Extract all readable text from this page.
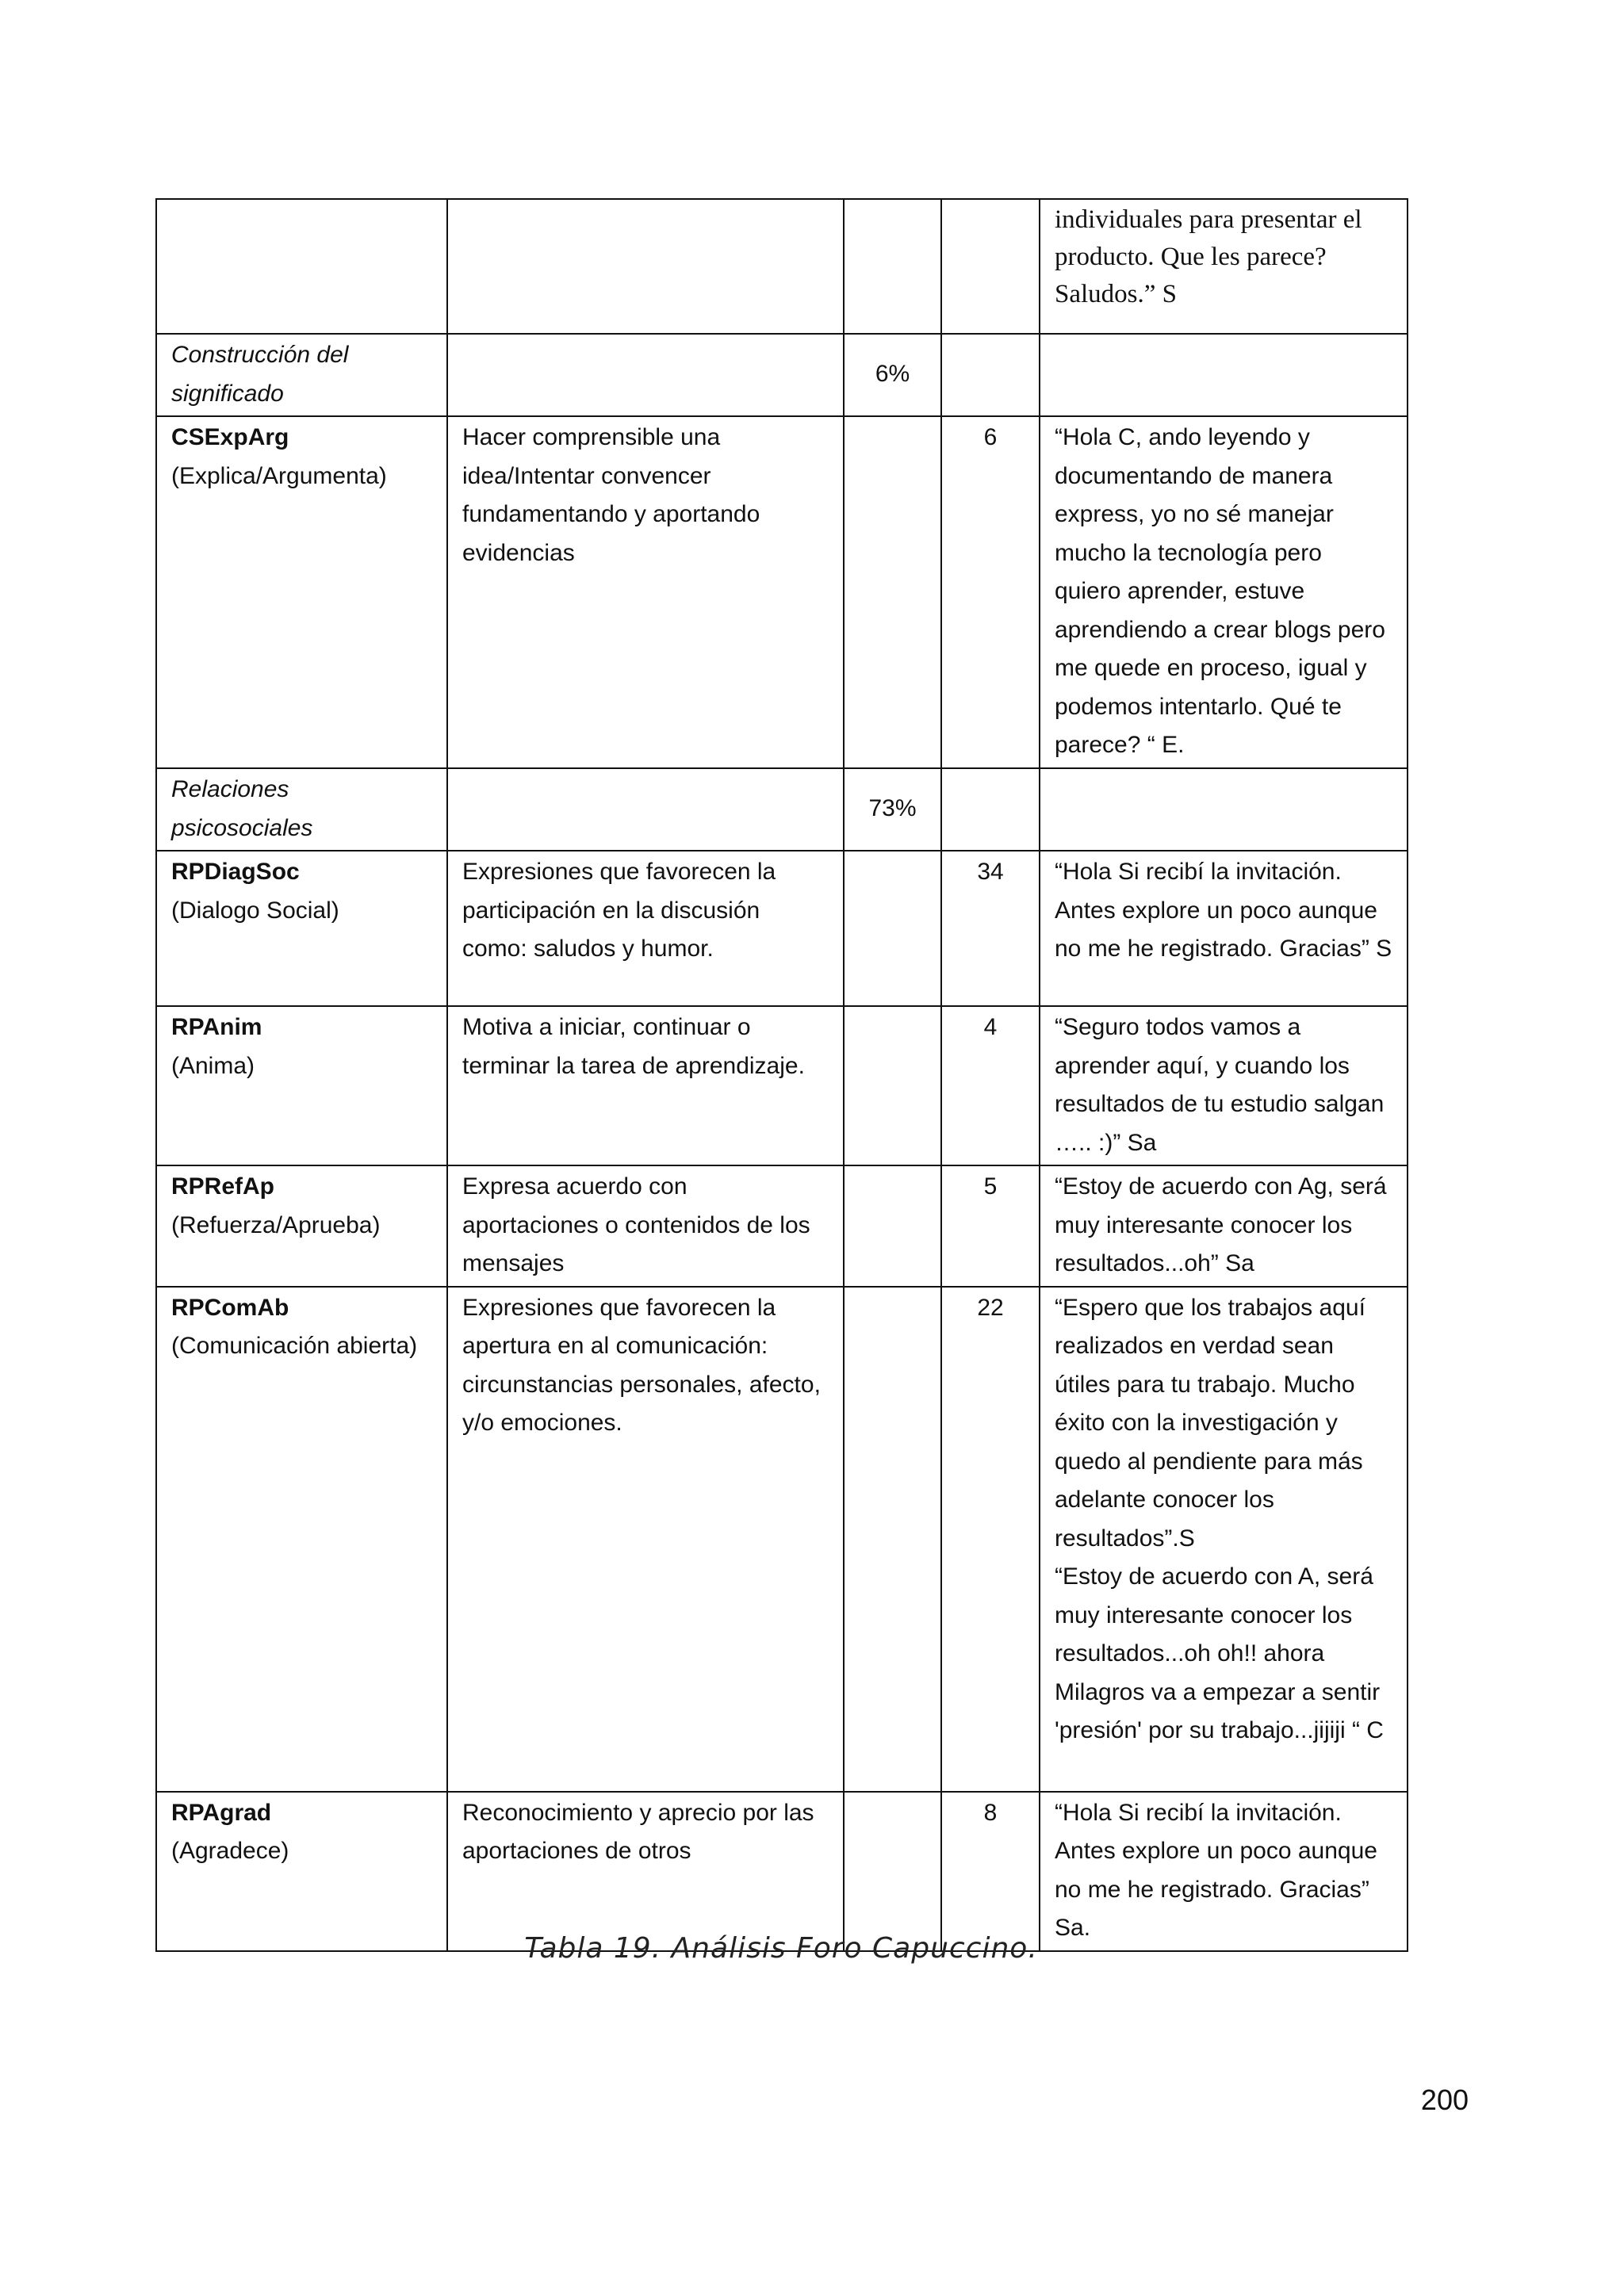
				individuales para presentar el producto. Que les parece? Saludos.” S
Construcción del significado		6%		

CSExpArg
(Explica/Argumenta)	Hacer comprensible una idea/Intentar convencer fundamentando y aportando evidencias		6	“Hola C, ando leyendo y documentando de manera express, yo no sé manejar mucho la tecnología pero quiero aprender, estuve aprendiendo a crear blogs pero me quede en proceso, igual y podemos intentarlo. Qué te parece? “ E.

Relaciones psicosociales		73%		

RPDiagSoc
(Dialogo Social)	Expresiones que favorecen la participación en la discusión como: saludos y humor.		34	“Hola Si recibí la invitación. Antes explore un poco aunque no me he registrado. Gracias” S

RPAnim
(Anima)	Motiva a iniciar, continuar o terminar la tarea de aprendizaje.		4	“Seguro todos vamos a aprender aquí, y cuando los resultados de tu estudio salgan ….. :)” Sa

RPRefAp
(Refuerza/Aprueba)	Expresa acuerdo con aportaciones o contenidos de los mensajes		5	“Estoy de acuerdo con Ag, será muy interesante conocer los resultados...oh” Sa

RPComAb
(Comunicación abierta)	Expresiones que favorecen la apertura en al comunicación: circunstancias personales, afecto, y/o emociones.		22	“Espero que los trabajos aquí realizados en verdad sean útiles para tu trabajo. Mucho éxito con la investigación y quedo al pendiente para más adelante conocer los resultados”.S
“Estoy de acuerdo con A, será muy interesante conocer los resultados...oh oh!! ahora Milagros va a empezar a sentir 'presión' por su trabajo...jijiji “ C

RPAgrad
(Agradece)	Reconocimiento y aprecio por las aportaciones de otros		8	“Hola Si recibí la invitación. Antes explore un poco aunque no me he registrado. Gracias” Sa.
Tabla 19. Análisis Foro Capuccino.
200
